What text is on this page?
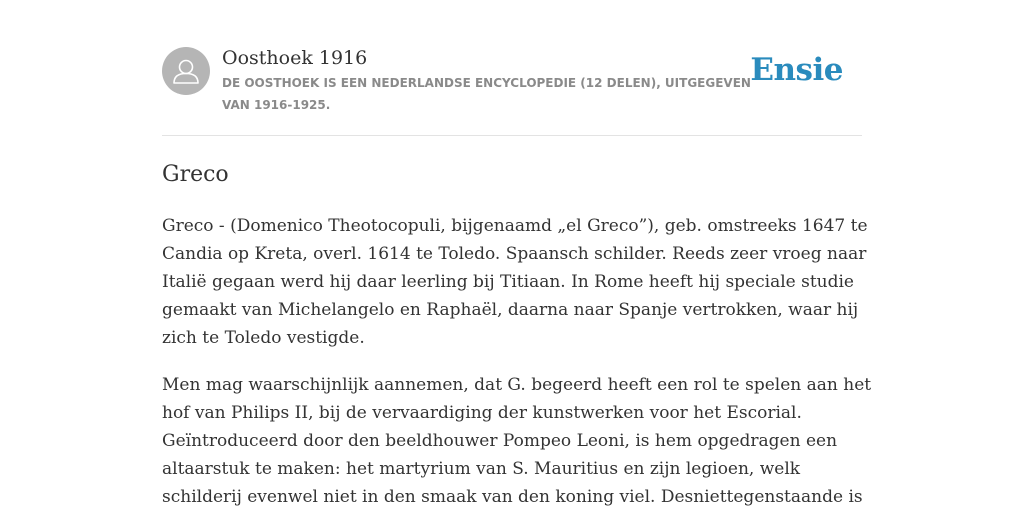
Oosthoek 1916
DE OOSTHOEK IS EEN NEDERLANDSE ENCYCLOPEDIE (12 DELEN), UITGEGEVEN
VAN 1916-1925.
Ensie
Greco

Greco - (Domenico Theotocopuli, bijgenaamd „el Greco”), geb. omstreeks 1647 te
Candia op Kreta, overl. 1614 te Toledo. Spaansch schilder. Reeds zeer vroeg naar
Italië gegaan werd hij daar leerling bij Titiaan. In Rome heeft hij speciale studie
gemaakt van Michelangelo en Raphaël, daarna naar Spanje vertrokken, waar hij
zich te Toledo vestigde.

Men mag waarschijnlijk aannemen, dat G. begeerd heeft een rol te spelen aan het
hof van Philips II, bij de vervaardiging der kunstwerken voor het Escorial.
Geïntroduceerd door den beeldhouwer Pompeo Leoni, is hem opgedragen een
altaarstuk te maken: het martyrium van S. Mauritius en zijn legioen, welk
schilderij evenwel niet in den smaak van den koning viel. Desniettegenstaande is
